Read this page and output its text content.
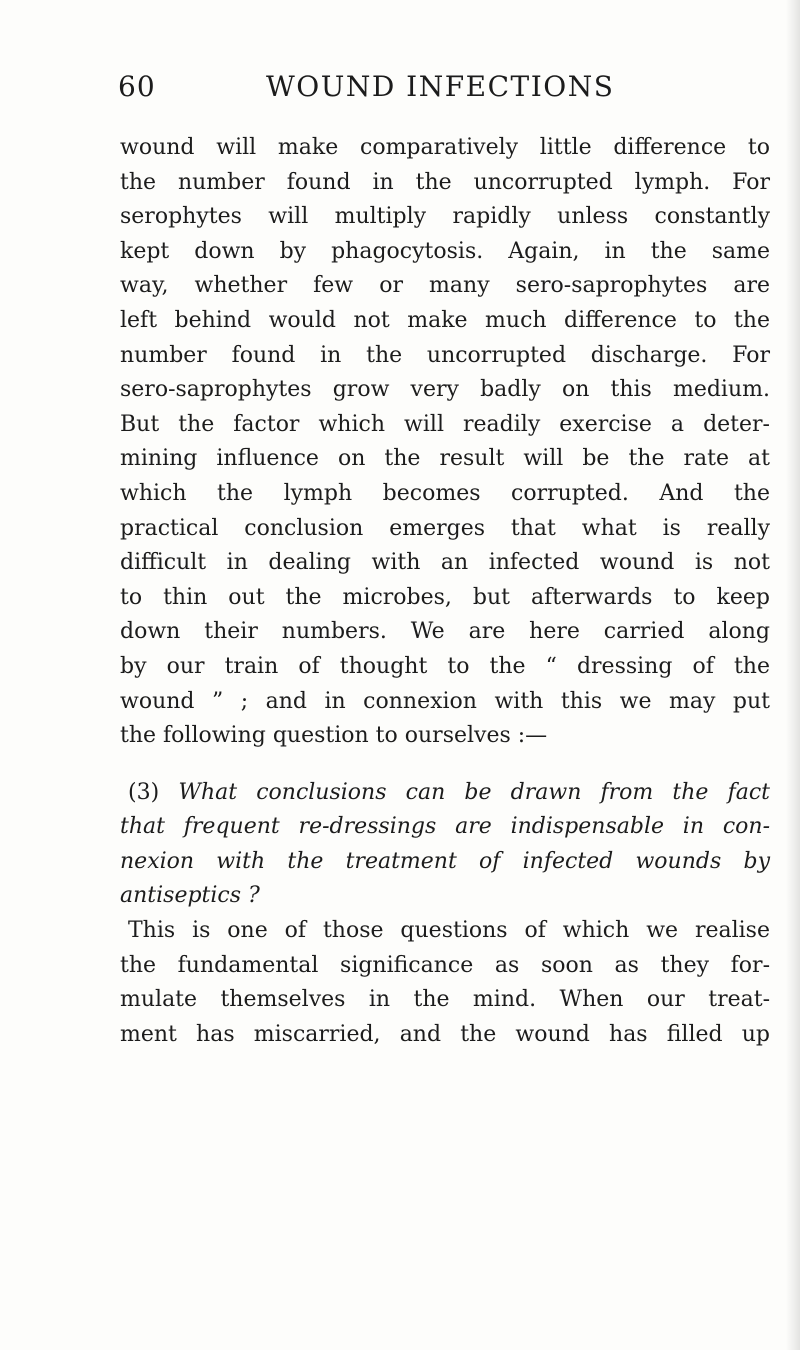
60	WOUND INFECTIONS
wound will make comparatively little difference to
the number found in the uncorrupted lymph. For
serophytes will multiply rapidly unless constantly
kept down by phagocytosis. Again, in the same
way, whether few or many sero-saprophytes are
left behind would not make much difference to the
number found in the uncorrupted discharge. For
sero-saprophytes grow very badly on this medium.
But the factor which will readily exercise a deter-
mining influence on the result will be the rate at
which the lymph becomes corrupted. And the
practical conclusion emerges that what is really
difficult in dealing with an infected wound is not
to thin out the microbes, but afterwards to keep
down their numbers. We are here carried along
by our train of thought to the “ dressing of the
wound ” ; and in connexion with this we may put
the following question to ourselves :—
(3) What conclusions can be drawn from the fact
that frequent re-dressings are indispensable in con-
nexion with the treatment of infected wounds by
antiseptics ?
This is one of those questions of which we realise
the fundamental significance as soon as they for-
mulate themselves in the mind. When our treat-
ment has miscarried, and the wound has filled up
